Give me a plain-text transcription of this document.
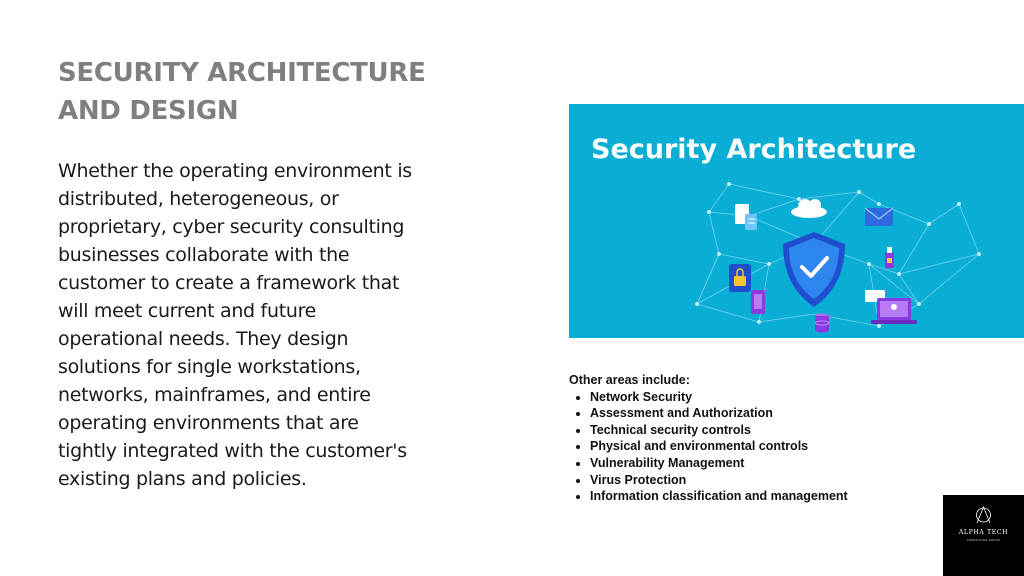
SECURITY ARCHITECTURE
AND DESIGN
Whether the operating environment is distributed, heterogeneous, or proprietary, cyber security consulting businesses collaborate with the customer to create a framework that will meet current and future operational needs. They design solutions for single workstations, networks, mainframes, and entire operating environments that are tightly integrated with the customer's existing plans and policies.
Security Architecture
Other areas include:
• Network Security
• Assessment and Authorization
• Technical security controls
• Physical and environmental controls
• Vulnerability Management
• Virus Protection
• Information classification and management
ALPHA TECH
CONSULTING GROUP
